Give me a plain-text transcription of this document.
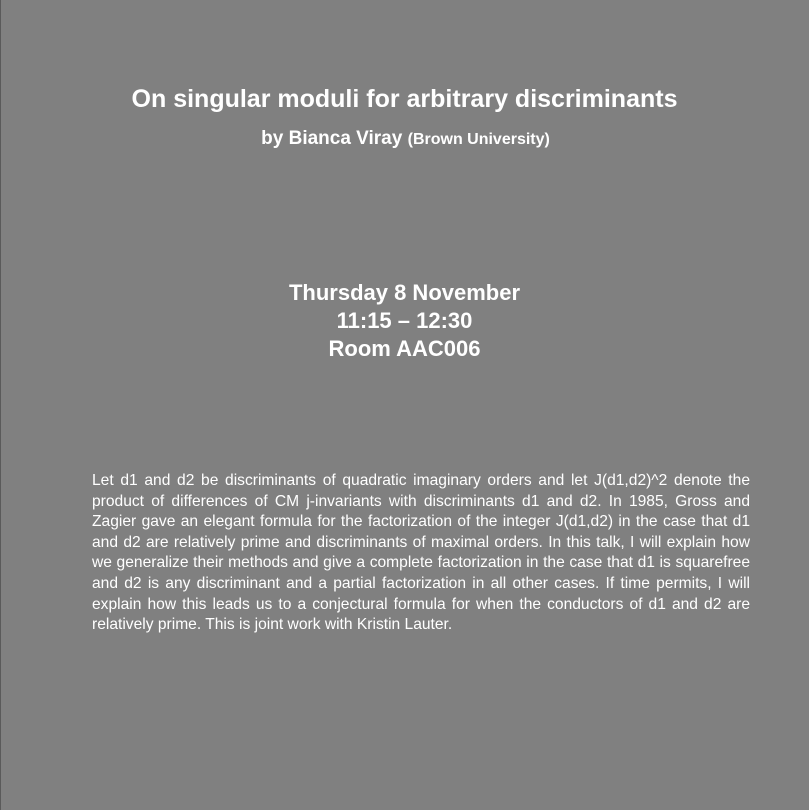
On singular moduli for arbitrary discriminants
by Bianca Viray (Brown University)
Thursday 8 November
11:15 – 12:30
Room AAC006

Let d1 and d2 be discriminants of quadratic imaginary orders and let J(d1,d2)^2 denote the product of differences of CM j-invariants with discriminants d1 and d2. In 1985, Gross and Zagier gave an elegant formula for the factorization of the integer J(d1,d2) in the case that d1 and d2 are relatively prime and discriminants of maximal orders. In this talk, I will explain how we generalize their methods and give a complete factorization in the case that d1 is squarefree and d2 is any discriminant and a partial factorization in all other cases. If time permits, I will explain how this leads us to a conjectural formula for when the conductors of d1 and d2 are relatively prime. This is joint work with Kristin Lauter.
